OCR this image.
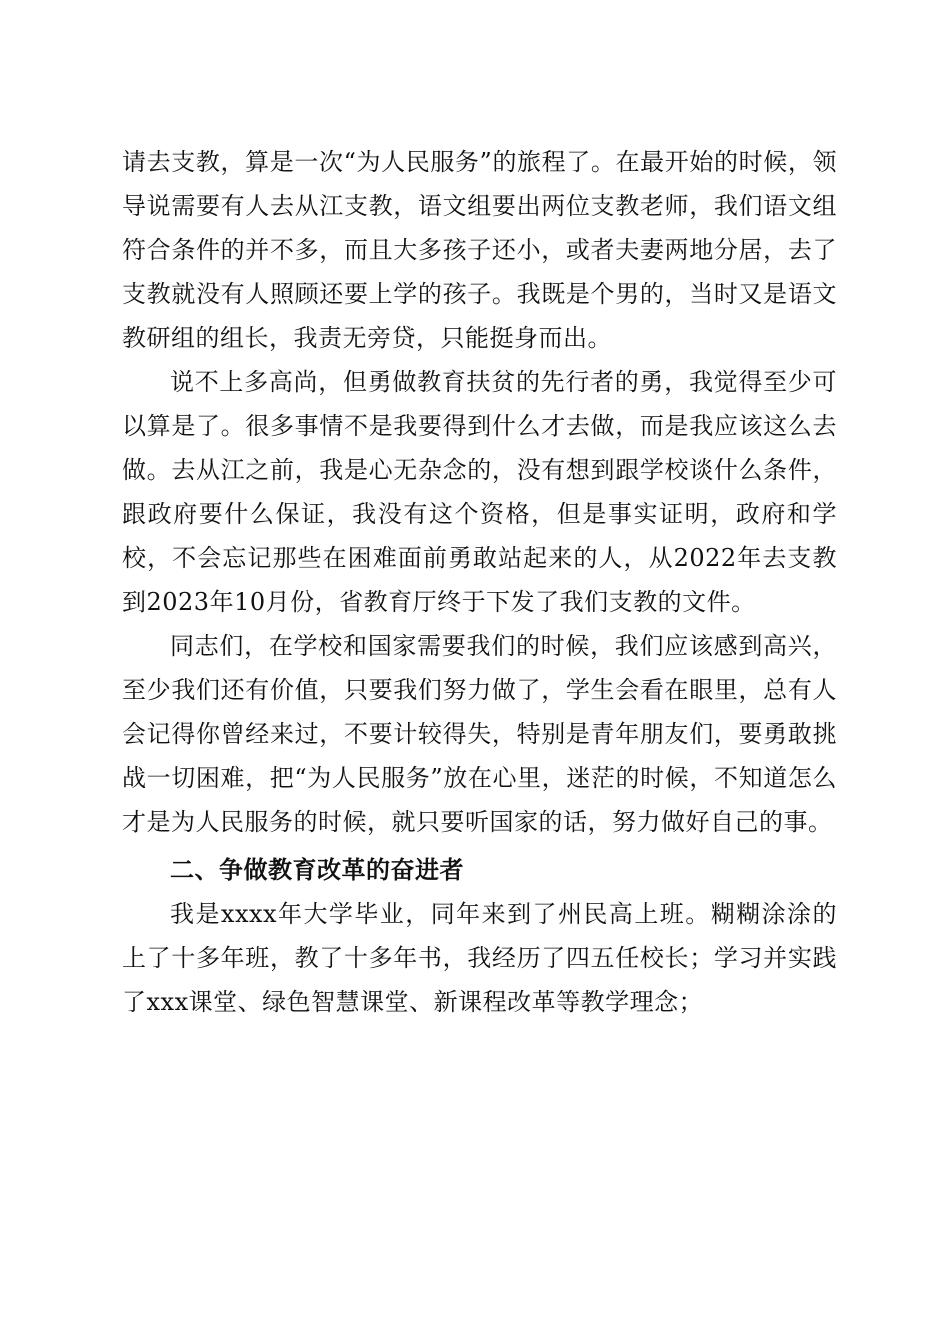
请去支教，算是一次“为人民服务”的旅程了。在最开始的时候，领导说需要有人去从江支教，语文组要出两位支教老师，我们语文组符合条件的并不多，而且大多孩子还小，或者夫妻两地分居，去了支教就没有人照顾还要上学的孩子。我既是个男的，当时又是语文教研组的组长，我责无旁贷，只能挺身而出。

说不上多高尚，但勇做教育扶贫的先行者的勇，我觉得至少可以算是了。很多事情不是我要得到什么才去做，而是我应该这么去做。去从江之前，我是心无杂念的，没有想到跟学校谈什么条件，跟政府要什么保证，我没有这个资格，但是事实证明，政府和学校，不会忘记那些在困难面前勇敢站起来的人，从2022年去支教到2023年10月份，省教育厅终于下发了我们支教的文件。

同志们，在学校和国家需要我们的时候，我们应该感到高兴，至少我们还有价值，只要我们努力做了，学生会看在眼里，总有人会记得你曾经来过，不要计较得失，特别是青年朋友们，要勇敢挑战一切困难，把“为人民服务”放在心里，迷茫的时候，不知道怎么才是为人民服务的时候，就只要听国家的话，努力做好自己的事。

二、争做教育改革的奋进者

我是xxxx年大学毕业，同年来到了州民高上班。糊糊涂涂的上了十多年班，教了十多年书，我经历了四五任校长；学习并实践了xxx课堂、绿色智慧课堂、新课程改革等教学理念；
